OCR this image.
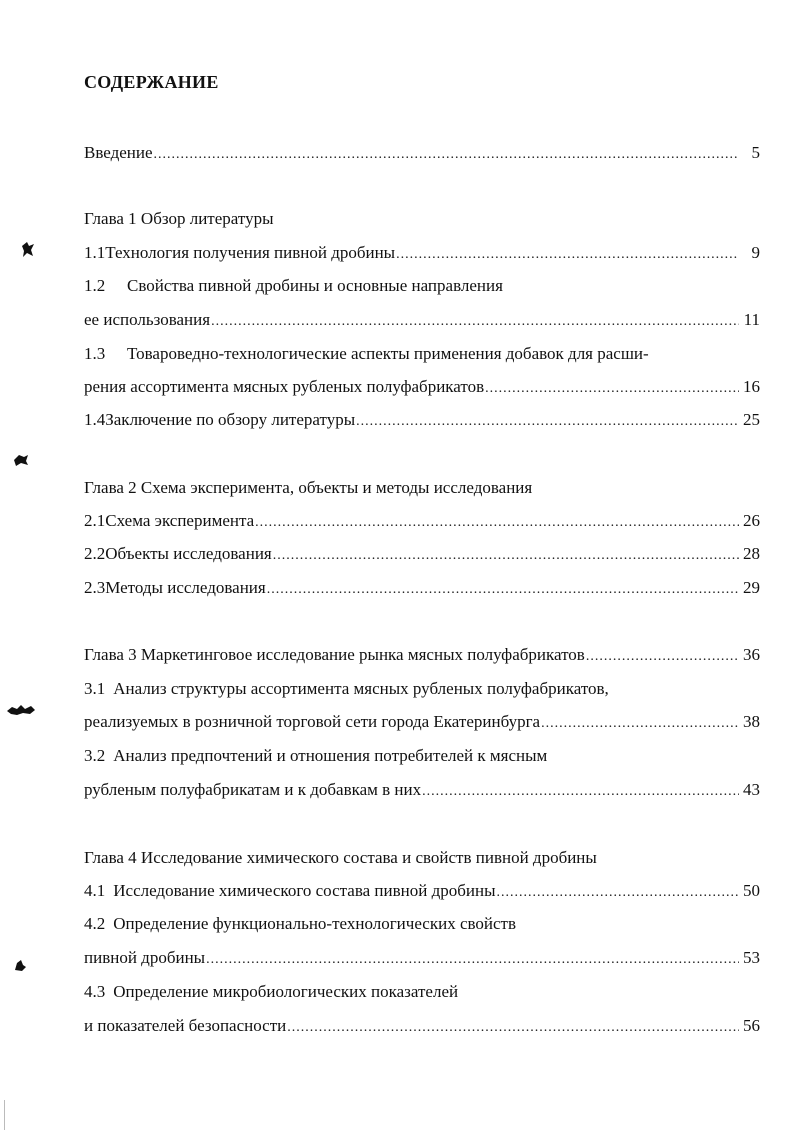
СОДЕРЖАНИЕ
Введение .....	5
Глава 1 Обзор литературы
1.1 Технология получения пивной дробины .....	9
1.2	Свойства пивной дробины и основные направления
ее использования .....	11
1.3	Товароведно-технологические аспекты применения добавок для расши-
рения ассортимента мясных рубленых полуфабрикатов .....	16
1.4 Заключение по обзору литературы .....	25
Глава 2 Схема эксперимента, объекты и методы исследования
2.1 Схема эксперимента .....	26
2.2 Объекты исследования .....	28
2.3 Методы исследования .....	29
Глава 3 Маркетинговое исследование рынка мясных полуфабрикатов .....	36
3.1 Анализ структуры ассортимента мясных рубленых полуфабрикатов,
реализуемых в розничной торговой сети города Екатеринбурга .....	38
3.2 Анализ предпочтений и отношения потребителей к мясным
рубленым полуфабрикатам и к добавкам в них .....	43
Глава 4 Исследование химического состава и свойств пивной дробины
4.1 Исследование химического состава пивной дробины .....	50
4.2 Определение функционально-технологических свойств
пивной дробины .....	53
4.3 Определение микробиологических показателей
и показателей безопасности .....	56
